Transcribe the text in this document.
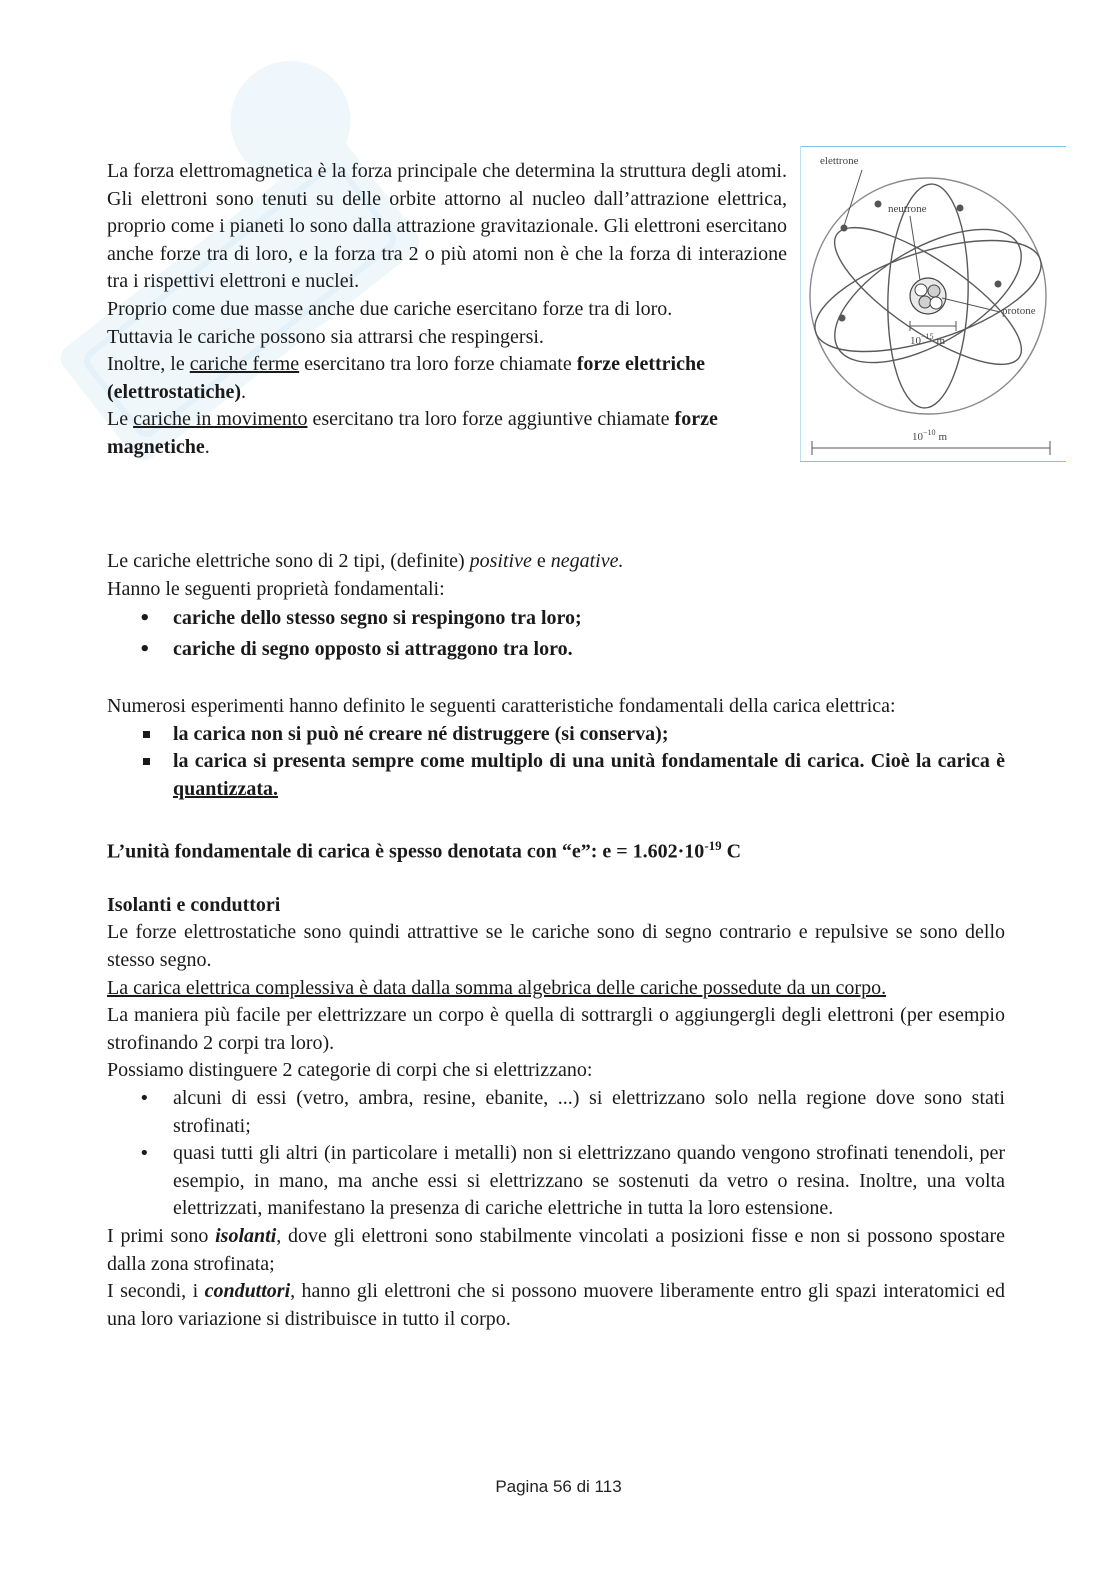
La forza elettromagnetica è la forza principale che determina la struttura degli atomi. Gli elettroni sono tenuti su delle orbite attorno al nucleo dall’attrazione elettrica, proprio come i pianeti lo sono dalla attrazione gravitazionale. Gli elettroni esercitano anche forze tra di loro, e la forza tra 2 o più atomi non è che la forza di interazione tra i rispettivi elettroni e nuclei.

Proprio come due masse anche due cariche esercitano forze tra di loro.

Tuttavia le cariche possono sia attrarsi che respingersi.

Inoltre, le cariche ferme esercitano tra loro forze chiamate forze elettriche (elettrostatiche).

Le cariche in movimento esercitano tra loro forze aggiuntive chiamate forze magnetiche.

elettrone
neutrone
protone
$10^{-15}$ m
$10^{-10}$ m

Le cariche elettriche sono di 2 tipi, (definite) positive e negative.

Hanno le seguenti proprietà fondamentali:

• cariche dello stesso segno si respingono tra loro;
• cariche di segno opposto si attraggono tra loro.

Numerosi esperimenti hanno definito le seguenti caratteristiche fondamentali della carica elettrica:

la carica non si può né creare né distruggere (si conserva);
la carica si presenta sempre come multiplo di una unità fondamentale di carica. Cioè la carica è quantizzata.

L’unità fondamentale di carica è spesso denotata con “e”: $e = 1.602\cdot 10^{-19}$ C

Isolanti e conduttori

Le forze elettrostatiche sono quindi attrattive se le cariche sono di segno contrario e repulsive se sono dello stesso segno.

La carica elettrica complessiva è data dalla somma algebrica delle cariche possedute da un corpo.

La maniera più facile per elettrizzare un corpo è quella di sottrargli o aggiungergli degli elettroni (per esempio strofinando 2 corpi tra loro).

Possiamo distinguere 2 categorie di corpi che si elettrizzano:

• alcuni di essi (vetro, ambra, resine, ebanite, ...) si elettrizzano solo nella regione dove sono stati strofinati;
• quasi tutti gli altri (in particolare i metalli) non si elettrizzano quando vengono strofinati tenendoli, per esempio, in mano, ma anche essi si elettrizzano se sostenuti da vetro o resina. Inoltre, una volta elettrizzati, manifestano la presenza di cariche elettriche in tutta la loro estensione.

I primi sono isolanti, dove gli elettroni sono stabilmente vincolati a posizioni fisse e non si possono spostare dalla zona strofinata;

I secondi, i conduttori, hanno gli elettroni che si possono muovere liberamente entro gli spazi interatomici ed una loro variazione si distribuisce in tutto il corpo.

Pagina 56 di 113
